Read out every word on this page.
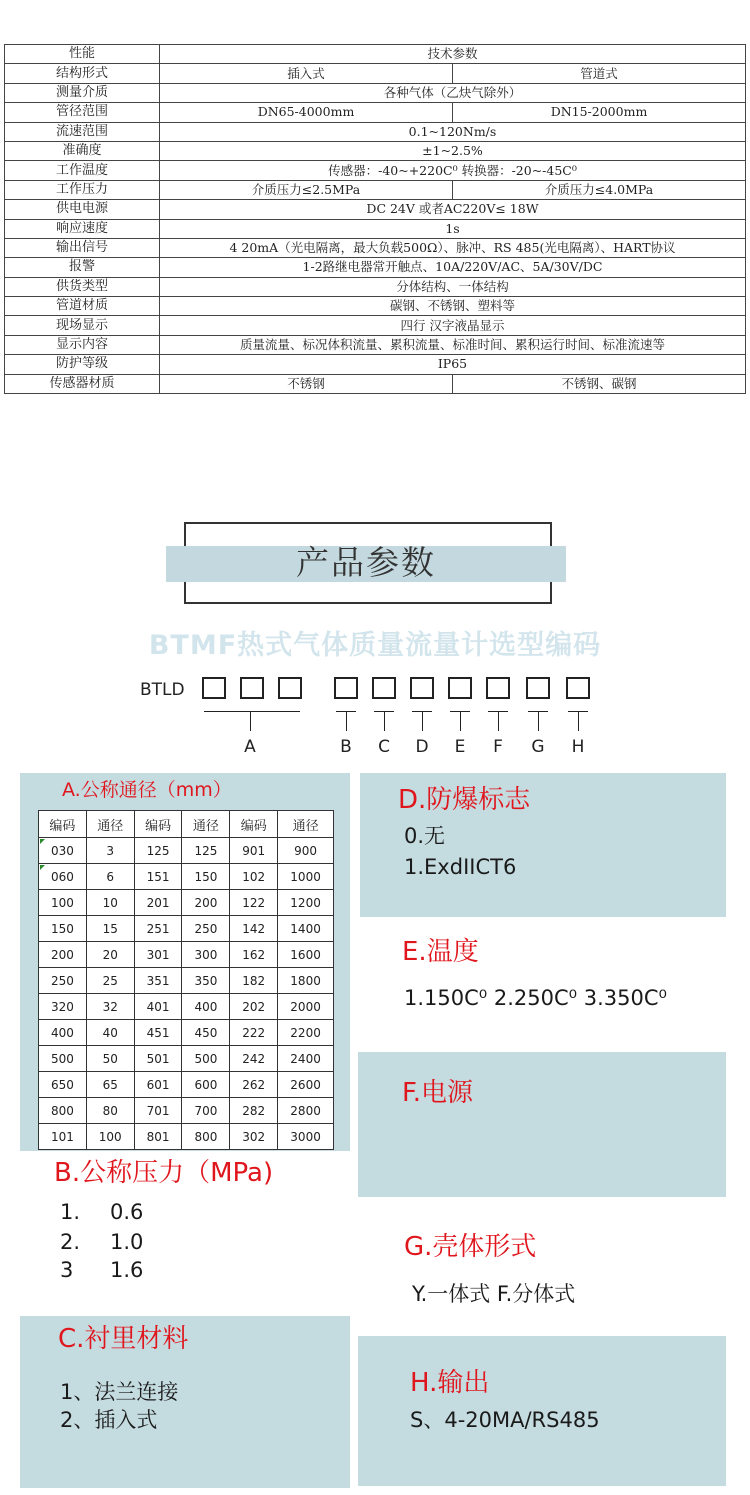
性能	技术参数	
结构形式	插入式	管道式
测量介质	各种气体（乙炔气除外）	
管径范围	DN65-4000mm	DN15-2000mm
流速范围	0.1~120Nm/s	
准确度	±1~2.5%	
工作温度	传感器：-40~+220C⁰ 转换器：-20~-45C⁰	
工作压力	介质压力≤2.5MPa	介质压力≤4.0MPa
供电电源	DC 24V 或者AC220V≤ 18W	
响应速度	1s	
输出信号	4 20mA（光电隔离，最大负载500Ω）、脉冲、RS 485(光电隔离）、HART协议	
报警	1-2路继电器常开触点、10A/220V/AC、5A/30V/DC	
供货类型	分体结构、一体结构	
管道材质	碳钢、不锈钢、塑料等	
现场显示	四行 汉字液晶显示	
显示内容	质量流量、标况体积流量、累积流量、标准时间、累积运行时间、标准流速等	
防护等级	IP65	
传感器材质	不锈钢	不锈钢、碳钢
产品参数
BTMF热式气体质量流量计选型编码
BTLD
A	B	C	D	E	F	G	H
A.公称通径（mm）
编码	通径	编码	通径	编码	通径

030	3	125	125	901	900

060	6	151	150	102	1000
100	10	201	200	122	1200
150	15	251	250	142	1400
200	20	301	300	162	1600
250	25	351	350	182	1800
320	32	401	400	202	2000
400	40	451	450	222	2200
500	50	501	500	242	2400
650	65	601	600	262	2600
800	80	701	700	282	2800
101	100	801	800	302	3000
B.公称压力（MPa)
1. 0.6
2. 1.0
3 1.6
C.衬里材料
1、法兰连接
2、插入式
D.防爆标志
0.无
1.ExdIICT6
E.温度
1.150C⁰ 2.250C⁰ 3.350C⁰
F.电源
G.壳体形式
Y.一体式 F.分体式
H.输出
S、4-20MA/RS485
